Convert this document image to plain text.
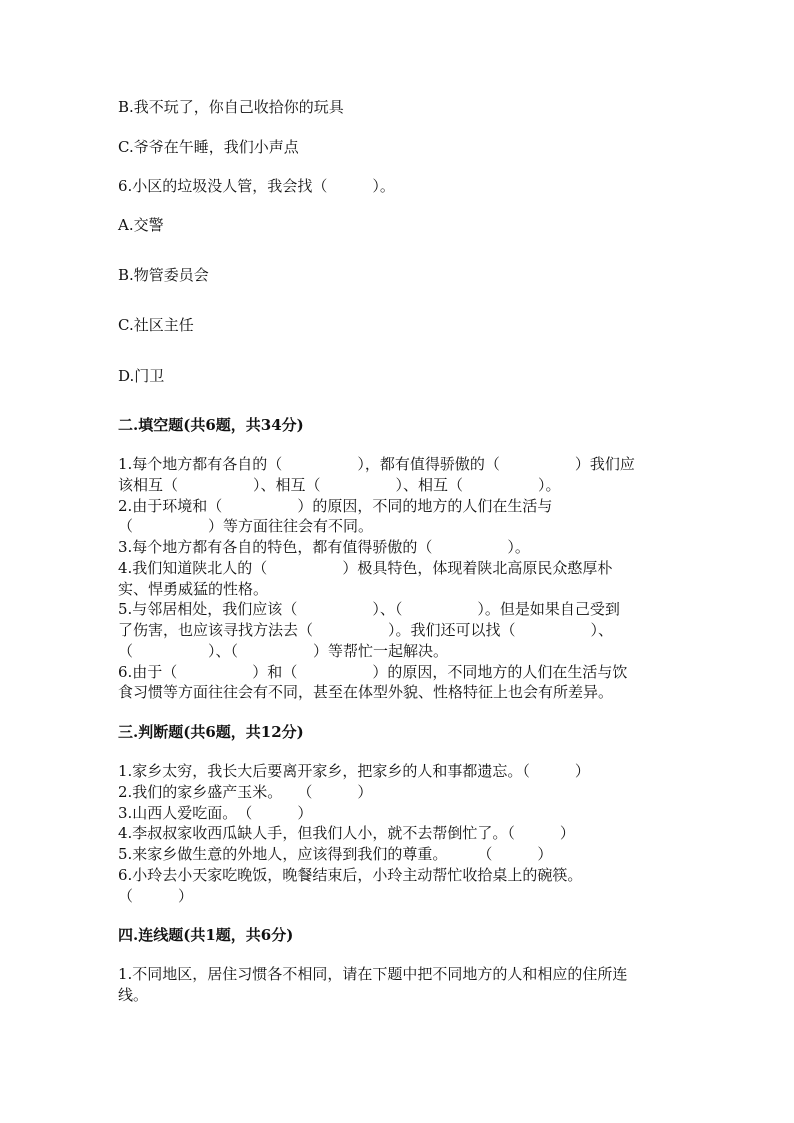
B.我不玩了，你自己收拾你的玩具
C.爷爷在午睡，我们小声点
6.小区的垃圾没人管，我会找（　　　）。
A.交警
B.物管委员会
C.社区主任
D.门卫
二.填空题(共6题，共34分)
1.每个地方都有各自的（　　　　　），都有值得骄傲的（　　　　　）我们应
该相互（　　　　　）、相互（　　　　　）、相互（　　　　　）。
2.由于环境和（　　　　　）的原因，不同的地方的人们在生活与
（　　　　　）等方面往往会有不同。
3.每个地方都有各自的特色，都有值得骄傲的（　　　　　）。
4.我们知道陕北人的（　　　　　）极具特色，体现着陕北高原民众憨厚朴
实、悍勇威猛的性格。
5.与邻居相处，我们应该（　　　　　）、（　　　　　）。但是如果自己受到
了伤害，也应该寻找方法去（　　　　　）。我们还可以找（　　　　　）、
（　　　　　）、（　　　　　）等帮忙一起解决。
6.由于（　　　　　）和（　　　　　）的原因，不同地方的人们在生活与饮
食习惯等方面往往会有不同，甚至在体型外貌、性格特征上也会有所差异。
三.判断题(共6题，共12分)
1.家乡太穷，我长大后要离开家乡，把家乡的人和事都遗忘。（　　　）
2.我们的家乡盛产玉米。　　（　　　）
3.山西人爱吃面。　（　　　）
4.李叔叔家收西瓜缺人手，但我们人小，就不去帮倒忙了。（　　　）
5.来家乡做生意的外地人，应该得到我们的尊重。　　　（　　　）
6.小玲去小天家吃晚饭，晚餐结束后，小玲主动帮忙收拾桌上的碗筷。
（　　　）
四.连线题(共1题，共6分)
1.不同地区，居住习惯各不相同，请在下题中把不同地方的人和相应的住所连
线。
